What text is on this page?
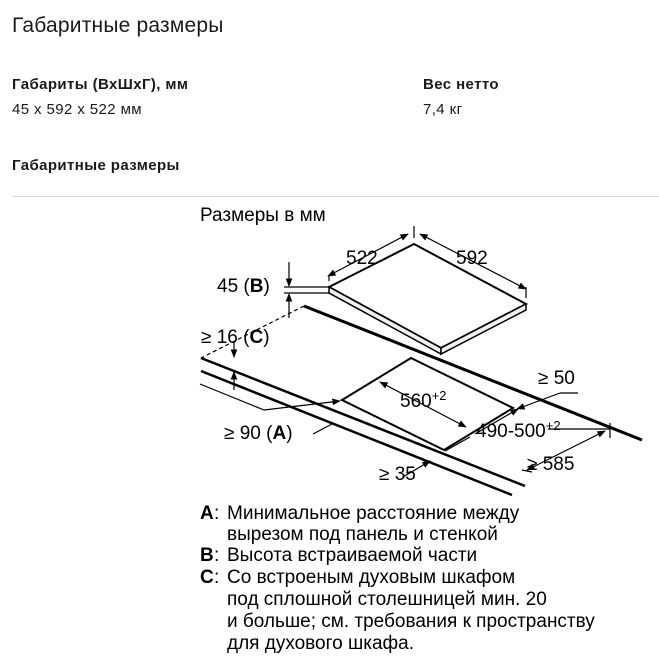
Габаритные размеры
Габариты (ВхШхГ), мм
45 x 592 x 522 мм
Вес нетто
7,4 кг
Габаритные размеры
Размеры в мм
522	592
45 (B)
≥ 16 (C)
≥ 50
$560^{+2}$
$490-500^{+2}$
≥ 90 (A)
≥ 585
≥ 35
A : Минимальное расстояние между
вырезом под панель и стенкой
B : Высота встраиваемой части
C : Со встроеным духовым шкафом
под сплошной столешницей мин. 20
и больше; см. требования к пространству
для духового шкафа.
